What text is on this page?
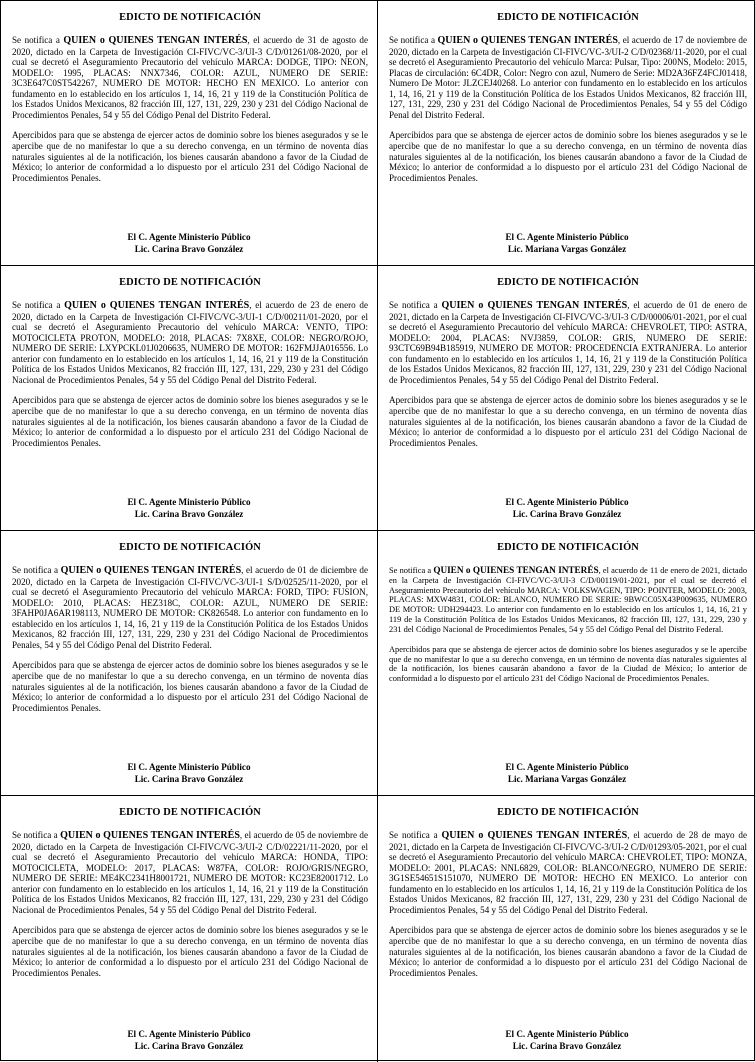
EDICTO DE NOTIFICACIÓN

Se notifica a QUIEN o QUIENES TENGAN INTERÉS, el acuerdo de 31 de agosto de 2020, dictado en la Carpeta de Investigación CI-FIVC/VC-3/UI-3 C/D/01261/08-2020, por el cual se decretó el Aseguramiento Precautorio del vehículo MARCA: DODGE, TIPO: NEON, MODELO: 1995, PLACAS: NNX7346, COLOR: AZUL, NUMERO DE SERIE: 3C3E647C0ST542267, NUMERO DE MOTOR: HECHO EN MEXICO. Lo anterior con fundamento en lo establecido en los artículos 1, 14, 16, 21 y 119 de la Constitución Política de los Estados Unidos Mexicanos, 82 fracción III, 127, 131, 229, 230 y 231 del Código Nacional de Procedimientos Penales, 54 y 55 del Código Penal del Distrito Federal.

Apercibidos para que se abstenga de ejercer actos de dominio sobre los bienes asegurados y se le apercibe que de no manifestar lo que a su derecho convenga, en un término de noventa días naturales siguientes al de la notificación, los bienes causarán abandono a favor de la Ciudad de México; lo anterior de conformidad a lo dispuesto por el artículo 231 del Código Nacional de Procedimientos Penales.

El C. Agente Ministerio Público
Lic. Carina Bravo González
EDICTO DE NOTIFICACIÓN

Se notifica a QUIEN o QUIENES TENGAN INTERÉS, el acuerdo de 17 de noviembre de 2020, dictado en la Carpeta de Investigación CI-FIVC/VC-3/UI-2 C/D/02368/11-2020, por el cual se decretó el Aseguramiento Precautorio del vehículo Marca: Pulsar, Tipo: 200NS, Modelo: 2015, Placas de circulación: 6C4DR, Color: Negro con azul, Numero de Serie: MD2A36FZ4FCJ01418, Numero De Motor: JLZCEJ40268. Lo anterior con fundamento en lo establecido en los artículos 1, 14, 16, 21 y 119 de la Constitución Política de los Estados Unidos Mexicanos, 82 fracción III, 127, 131, 229, 230 y 231 del Código Nacional de Procedimientos Penales, 54 y 55 del Código Penal del Distrito Federal.

Apercibidos para que se abstenga de ejercer actos de dominio sobre los bienes asegurados y se le apercibe que de no manifestar lo que a su derecho convenga, en un término de noventa días naturales siguientes al de la notificación, los bienes causarán abandono a favor de la Ciudad de México; lo anterior de conformidad a lo dispuesto por el artículo 231 del Código Nacional de Procedimientos Penales.

El C. Agente Ministerio Público
Lic. Mariana Vargas González
EDICTO DE NOTIFICACIÓN

Se notifica a QUIEN o QUIENES TENGAN INTERÉS, el acuerdo de 23 de enero de 2020, dictado en la Carpeta de Investigación CI-FIVC/VC-3/UI-1 C/D/00211/01-2020, por el cual se decretó el Aseguramiento Precautorio del vehículo MARCA: VENTO, TIPO: MOTOCICLETA PROTON, MODELO: 2018, PLACAS: 7X8XE, COLOR: NEGRO/ROJO, NUMERO DE SERIE: LXYPCKL01J0206635, NUMERO DE MOTOR: 162FMJJA016556. Lo anterior con fundamento en lo establecido en los artículos 1, 14, 16, 21 y 119 de la Constitución Política de los Estados Unidos Mexicanos, 82 fracción III, 127, 131, 229, 230 y 231 del Código Nacional de Procedimientos Penales, 54 y 55 del Código Penal del Distrito Federal.

Apercibidos para que se abstenga de ejercer actos de dominio sobre los bienes asegurados y se le apercibe que de no manifestar lo que a su derecho convenga, en un término de noventa días naturales siguientes al de la notificación, los bienes causarán abandono a favor de la Ciudad de México; lo anterior de conformidad a lo dispuesto por el artículo 231 del Código Nacional de Procedimientos Penales.

El C. Agente Ministerio Público
Lic. Carina Bravo González
EDICTO DE NOTIFICACIÓN

Se notifica a QUIEN o QUIENES TENGAN INTERÉS, el acuerdo de 01 de enero de 2021, dictado en la Carpeta de Investigación CI-FIVC/VC-3/UI-3 C/D/00006/01-2021, por el cual se decretó el Aseguramiento Precautorio del vehículo MARCA: CHEVROLET, TIPO: ASTRA, MODELO: 2004, PLACAS: NVJ3859, COLOR: GRIS, NUMERO DE SERIE: 93CTC69B94B185919, NUMERO DE MOTOR: PROCEDENCIA EXTRANJERA. Lo anterior con fundamento en lo establecido en los artículos 1, 14, 16, 21 y 119 de la Constitución Política de los Estados Unidos Mexicanos, 82 fracción III, 127, 131, 229, 230 y 231 del Código Nacional de Procedimientos Penales, 54 y 55 del Código Penal del Distrito Federal.

Apercibidos para que se abstenga de ejercer actos de dominio sobre los bienes asegurados y se le apercibe que de no manifestar lo que a su derecho convenga, en un término de noventa días naturales siguientes al de la notificación, los bienes causarán abandono a favor de la Ciudad de México; lo anterior de conformidad a lo dispuesto por el artículo 231 del Código Nacional de Procedimientos Penales.

El C. Agente Ministerio Público
Lic. Carina Bravo González
EDICTO DE NOTIFICACIÓN

Se notifica a QUIEN o QUIENES TENGAN INTERÉS, el acuerdo de 01 de diciembre de 2020, dictado en la Carpeta de Investigación CI-FIVC/VC-3/UI-1 S/D/02525/11-2020, por el cual se decretó el Aseguramiento Precautorio del vehículo MARCA: FORD, TIPO: FUSION, MODELO: 2010, PLACAS: HEZ318C, COLOR: AZUL, NUMERO DE SERIE: 3FAHP0JA6AR198113, NUMERO DE MOTOR: CK826548. Lo anterior con fundamento en lo establecido en los artículos 1, 14, 16, 21 y 119 de la Constitución Política de los Estados Unidos Mexicanos, 82 fracción III, 127, 131, 229, 230 y 231 del Código Nacional de Procedimientos Penales, 54 y 55 del Código Penal del Distrito Federal.

Apercibidos para que se abstenga de ejercer actos de dominio sobre los bienes asegurados y se le apercibe que de no manifestar lo que a su derecho convenga, en un término de noventa días naturales siguientes al de la notificación, los bienes causarán abandono a favor de la Ciudad de México; lo anterior de conformidad a lo dispuesto por el artículo 231 del Código Nacional de Procedimientos Penales.

El C. Agente Ministerio Público
Lic. Carina Bravo González
EDICTO DE NOTIFICACIÓN

Se notifica a QUIEN o QUIENES TENGAN INTERÉS, el acuerdo de 11 de enero de 2021, dictado en la Carpeta de Investigación CI-FIVC/VC-3/UI-3 C/D/00119/01-2021, por el cual se decretó el Aseguramiento Precautorio del vehículo MARCA: VOLKSWAGEN, TIPO: POINTER, MODELO: 2003, PLACAS: MXW4831, COLOR: BLANCO, NUMERO DE SERIE: 9BWCC05X43P009635, NUMERO DE MOTOR: UDH294423. Lo anterior con fundamento en lo establecido en los artículos 1, 14, 16, 21 y 119 de la Constitución Política de los Estados Unidos Mexicanos, 82 fracción III, 127, 131, 229, 230 y 231 del Código Nacional de Procedimientos Penales, 54 y 55 del Código Penal del Distrito Federal.

Apercibidos para que se abstenga de ejercer actos de dominio sobre los bienes asegurados y se le apercibe que de no manifestar lo que a su derecho convenga, en un término de noventa días naturales siguientes al de la notificación, los bienes causarán abandono a favor de la Ciudad de México; lo anterior de conformidad a lo dispuesto por el artículo 231 del Código Nacional de Procedimientos Penales.

El C. Agente Ministerio Público
Lic. Mariana Vargas González
EDICTO DE NOTIFICACIÓN

Se notifica a QUIEN o QUIENES TENGAN INTERÉS, el acuerdo de 05 de noviembre de 2020, dictado en la Carpeta de Investigación CI-FIVC/VC-3/UI-2 C/D/02221/11-2020, por el cual se decretó el Aseguramiento Precautorio del vehículo MARCA: HONDA, TIPO: MOTOCICLETA, MODELO: 2017, PLACAS: W87FA, COLOR: ROJO/GRIS/NEGRO, NUMERO DE SERIE: ME4KC2341H8001721, NUMERO DE MOTOR: KC23E82001712. Lo anterior con fundamento en lo establecido en los artículos 1, 14, 16, 21 y 119 de la Constitución Política de los Estados Unidos Mexicanos, 82 fracción III, 127, 131, 229, 230 y 231 del Código Nacional de Procedimientos Penales, 54 y 55 del Código Penal del Distrito Federal.

Apercibidos para que se abstenga de ejercer actos de dominio sobre los bienes asegurados y se le apercibe que de no manifestar lo que a su derecho convenga, en un término de noventa días naturales siguientes al de la notificación, los bienes causarán abandono a favor de la Ciudad de México; lo anterior de conformidad a lo dispuesto por el artículo 231 del Código Nacional de Procedimientos Penales.

El C. Agente Ministerio Público
Lic. Carina Bravo González
EDICTO DE NOTIFICACIÓN

Se notifica a QUIEN o QUIENES TENGAN INTERÉS, el acuerdo de 28 de mayo de 2021, dictado en la Carpeta de Investigación CI-FIVC/VC-3/UI-2 C/D/01293/05-2021, por el cual se decretó el Aseguramiento Precautorio del vehículo MARCA: CHEVROLET, TIPO: MONZA, MODELO: 2001, PLACAS: NNL6829, COLOR: BLANCO/NEGRO, NUMERO DE SERIE: 3G1SE54651S151070, NUMERO DE MOTOR: HECHO EN MEXICO. Lo anterior con fundamento en lo establecido en los artículos 1, 14, 16, 21 y 119 de la Constitución Política de los Estados Unidos Mexicanos, 82 fracción III, 127, 131, 229, 230 y 231 del Código Nacional de Procedimientos Penales, 54 y 55 del Código Penal del Distrito Federal.

Apercibidos para que se abstenga de ejercer actos de dominio sobre los bienes asegurados y se le apercibe que de no manifestar lo que a su derecho convenga, en un término de noventa días naturales siguientes al de la notificación, los bienes causarán abandono a favor de la Ciudad de México; lo anterior de conformidad a lo dispuesto por el artículo 231 del Código Nacional de Procedimientos Penales.

El C. Agente Ministerio Público
Lic. Carina Bravo González
